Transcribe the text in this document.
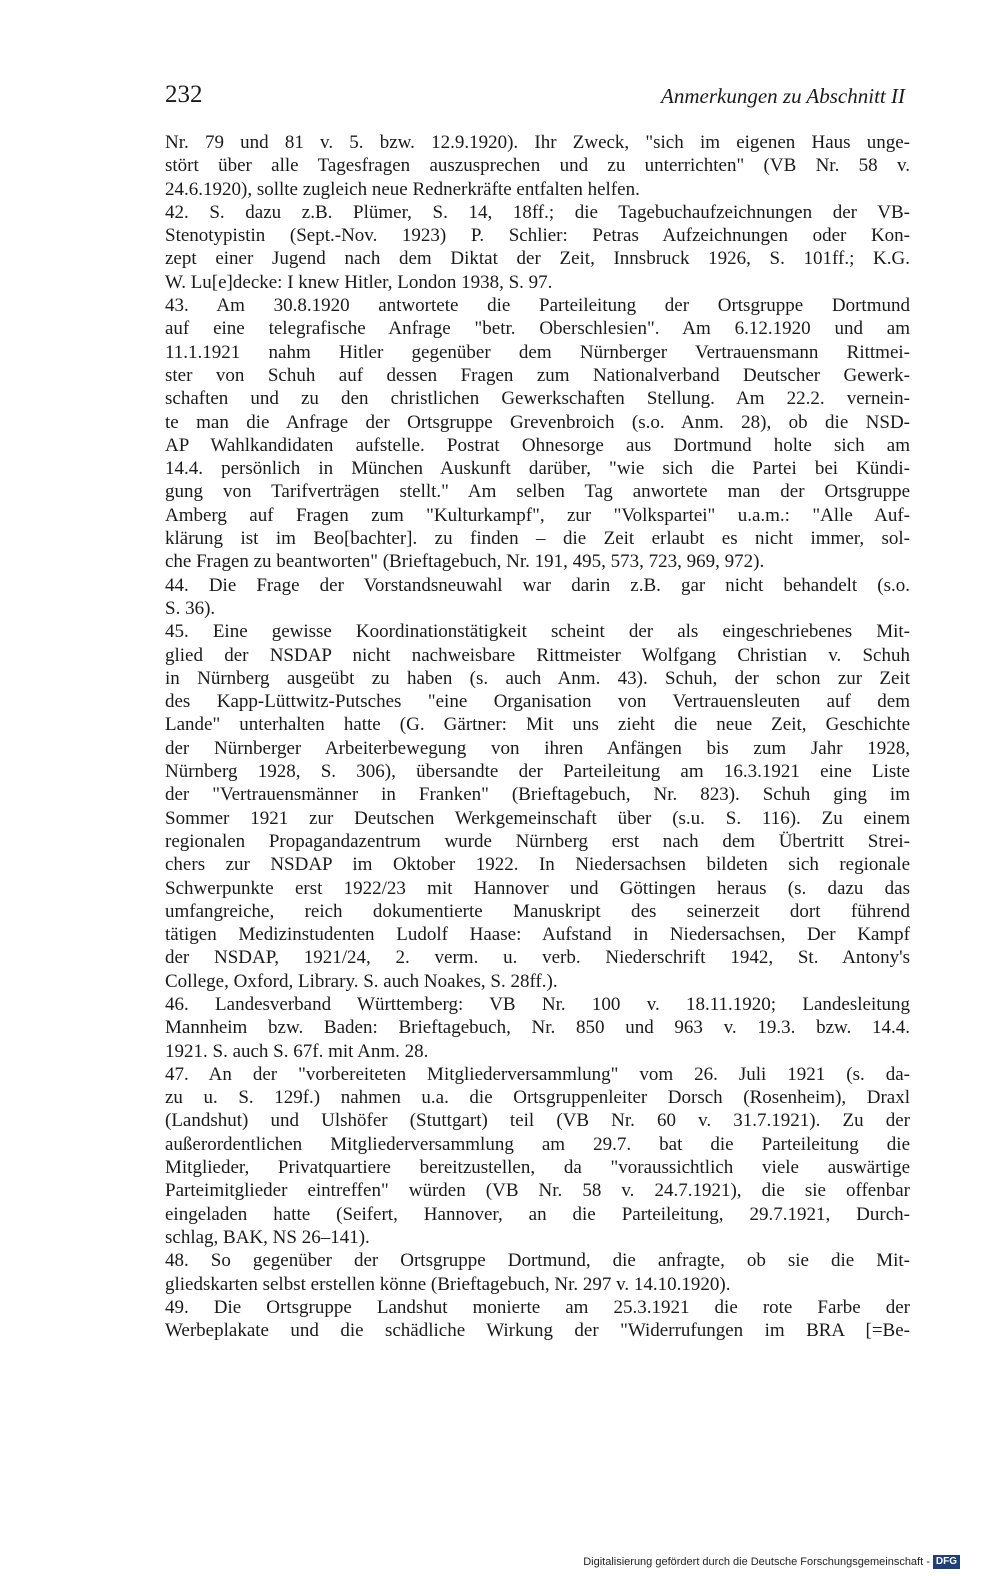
232	Anmerkungen zu Abschnitt II
Nr. 79 und 81 v. 5. bzw. 12.9.1920). Ihr Zweck, "sich im eigenen Haus unge-
stört über alle Tagesfragen auszusprechen und zu unterrichten" (VB Nr. 58 v.
24.6.1920), sollte zugleich neue Rednerkräfte entfalten helfen.
42. S. dazu z.B. Plümer, S. 14, 18ff.; die Tagebuchaufzeichnungen der VB-
Stenotypistin (Sept.-Nov. 1923) P. Schlier: Petras Aufzeichnungen oder Kon-
zept einer Jugend nach dem Diktat der Zeit, Innsbruck 1926, S. 101ff.; K.G.
W. Lu[e]decke: I knew Hitler, London 1938, S. 97.
43. Am 30.8.1920 antwortete die Parteileitung der Ortsgruppe Dortmund
auf eine telegrafische Anfrage "betr. Oberschlesien". Am 6.12.1920 und am
11.1.1921 nahm Hitler gegenüber dem Nürnberger Vertrauensmann Rittmei-
ster von Schuh auf dessen Fragen zum Nationalverband Deutscher Gewerk-
schaften und zu den christlichen Gewerkschaften Stellung. Am 22.2. vernein-
te man die Anfrage der Ortsgruppe Grevenbroich (s.o. Anm. 28), ob die NSD-
AP Wahlkandidaten aufstelle. Postrat Ohnesorge aus Dortmund holte sich am
14.4. persönlich in München Auskunft darüber, "wie sich die Partei bei Kündi-
gung von Tarifverträgen stellt." Am selben Tag anwortete man der Ortsgruppe
Amberg auf Fragen zum "Kulturkampf", zur "Volkspartei" u.a.m.: "Alle Auf-
klärung ist im Beo[bachter]. zu finden – die Zeit erlaubt es nicht immer, sol-
che Fragen zu beantworten" (Brieftagebuch, Nr. 191, 495, 573, 723, 969, 972).
44. Die Frage der Vorstandsneuwahl war darin z.B. gar nicht behandelt (s.o.
S. 36).
45. Eine gewisse Koordinationstätigkeit scheint der als eingeschriebenes Mit-
glied der NSDAP nicht nachweisbare Rittmeister Wolfgang Christian v. Schuh
in Nürnberg ausgeübt zu haben (s. auch Anm. 43). Schuh, der schon zur Zeit
des Kapp-Lüttwitz-Putsches "eine Organisation von Vertrauensleuten auf dem
Lande" unterhalten hatte (G. Gärtner: Mit uns zieht die neue Zeit, Geschichte
der Nürnberger Arbeiterbewegung von ihren Anfängen bis zum Jahr 1928,
Nürnberg 1928, S. 306), übersandte der Parteileitung am 16.3.1921 eine Liste
der "Vertrauensmänner in Franken" (Brieftagebuch, Nr. 823). Schuh ging im
Sommer 1921 zur Deutschen Werkgemeinschaft über (s.u. S. 116). Zu einem
regionalen Propagandazentrum wurde Nürnberg erst nach dem Übertritt Strei-
chers zur NSDAP im Oktober 1922. In Niedersachsen bildeten sich regionale
Schwerpunkte erst 1922/23 mit Hannover und Göttingen heraus (s. dazu das
umfangreiche, reich dokumentierte Manuskript des seinerzeit dort führend
tätigen Medizinstudenten Ludolf Haase: Aufstand in Niedersachsen, Der Kampf
der NSDAP, 1921/24, 2. verm. u. verb. Niederschrift 1942, St. Antony's
College, Oxford, Library. S. auch Noakes, S. 28ff.).
46. Landesverband Württemberg: VB Nr. 100 v. 18.11.1920; Landesleitung
Mannheim bzw. Baden: Brieftagebuch, Nr. 850 und 963 v. 19.3. bzw. 14.4.
1921. S. auch S. 67f. mit Anm. 28.
47. An der "vorbereiteten Mitgliederversammlung" vom 26. Juli 1921 (s. da-
zu u. S. 129f.) nahmen u.a. die Ortsgruppenleiter Dorsch (Rosenheim), Draxl
(Landshut) und Ulshöfer (Stuttgart) teil (VB Nr. 60 v. 31.7.1921). Zu der
außerordentlichen Mitgliederversammlung am 29.7. bat die Parteileitung die
Mitglieder, Privatquartiere bereitzustellen, da "voraussichtlich viele auswärtige
Parteimitglieder eintreffen" würden (VB Nr. 58 v. 24.7.1921), die sie offenbar
eingeladen hatte (Seifert, Hannover, an die Parteileitung, 29.7.1921, Durch-
schlag, BAK, NS 26–141).
48. So gegenüber der Ortsgruppe Dortmund, die anfragte, ob sie die Mit-
gliedskarten selbst erstellen könne (Brieftagebuch, Nr. 297 v. 14.10.1920).
49. Die Ortsgruppe Landshut monierte am 25.3.1921 die rote Farbe der
Werbeplakate und die schädliche Wirkung der "Widerrufungen im BRA [=Be-
Digitalisierung gefördert durch die Deutsche Forschungsgemeinschaft - DFG
